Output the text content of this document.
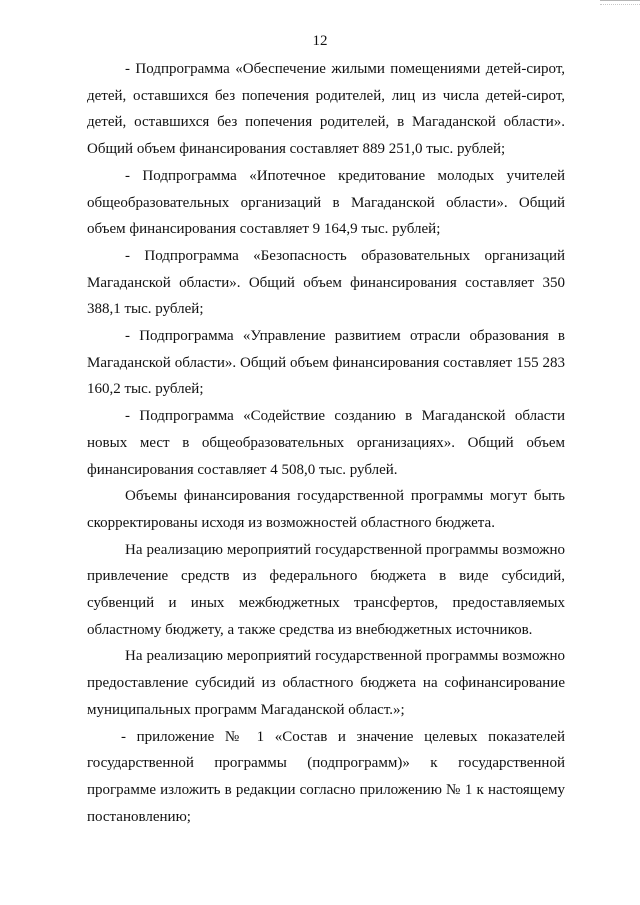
12

- Подпрограмма «Обеспечение жилыми помещениями детей-сирот, детей, оставшихся без попечения родителей, лиц из числа детей-сирот, детей, оставшихся без попечения родителей, в Магаданской области». Общий объем финансирования составляет 889 251,0 тыс. рублей;

- Подпрограмма «Ипотечное кредитование молодых учителей общеобразовательных организаций в Магаданской области». Общий объем финансирования составляет 9 164,9 тыс. рублей;

- Подпрограмма «Безопасность образовательных организаций Магаданской области». Общий объем финансирования составляет 350 388,1 тыс. рублей;

- Подпрограмма «Управление развитием отрасли образования в Магаданской области». Общий объем финансирования составляет 155 283 160,2 тыс. рублей;

- Подпрограмма «Содействие созданию в Магаданской области новых мест в общеобразовательных организациях». Общий объем финансирования составляет 4 508,0 тыс. рублей.

Объемы финансирования государственной программы могут быть скорректированы исходя из возможностей областного бюджета.

На реализацию мероприятий государственной программы возможно привлечение средств из федерального бюджета в виде субсидий, субвенций и иных межбюджетных трансфертов, предоставляемых областному бюджету, а также средства из внебюджетных источников.

На реализацию мероприятий государственной программы возможно предоставление субсидий из областного бюджета на софинансирование муниципальных программ Магаданской област.»;

- приложение № 1 «Состав и значение целевых показателей государственной программы (подпрограмм)» к государственной программе изложить в редакции согласно приложению № 1 к настоящему постановлению;
